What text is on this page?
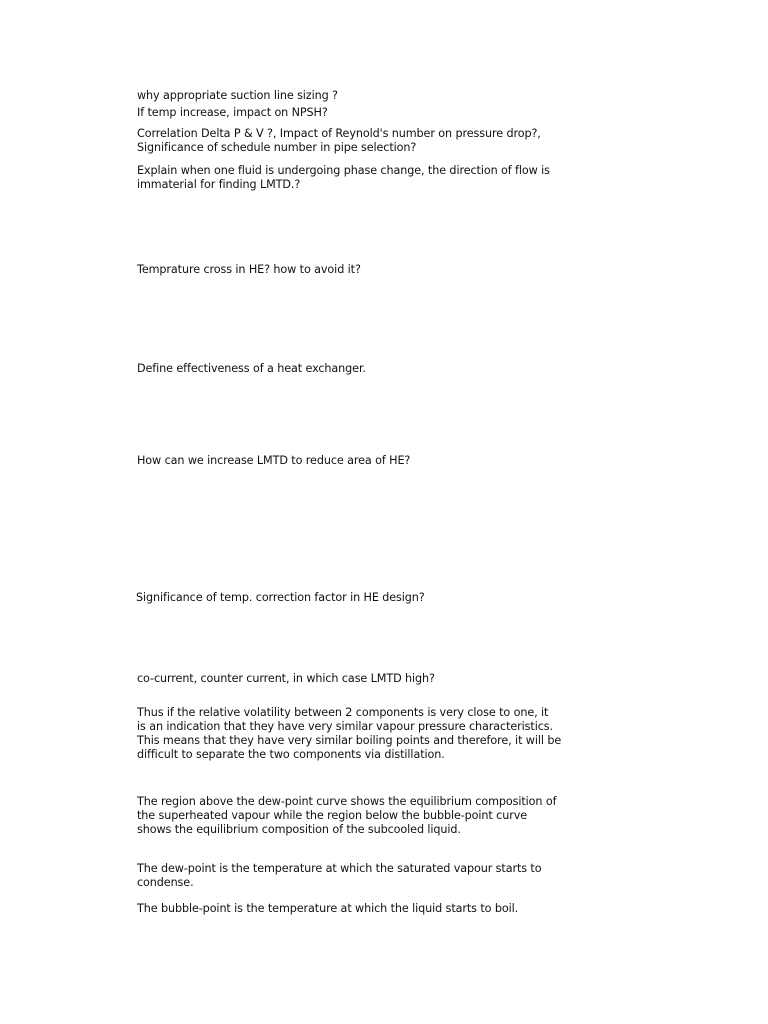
why appropriate suction line sizing ?

If temp increase, impact on NPSH?

Correlation Delta P & V ?, Impact of Reynold's number on pressure drop?,
Significance of schedule number in pipe selection?

Explain when one fluid is undergoing phase change, the direction of flow is
immaterial for finding LMTD.?

Temprature cross in HE? how to avoid it?

Define effectiveness of a heat exchanger.

How can we increase LMTD to reduce area of HE?

Significance of temp. correction factor in HE design?

co-current, counter current, in which case LMTD high?

Thus if the relative volatility between 2 components is very close to one, it
is an indication that they have very similar vapour pressure characteristics.
This means that they have very similar boiling points and therefore, it will be
difficult to separate the two components via distillation.

The region above the dew-point curve shows the equilibrium composition of
the superheated vapour while the region below the bubble-point curve
shows the equilibrium composition of the subcooled liquid.

The dew-point is the temperature at which the saturated vapour starts to
condense.

The bubble-point is the temperature at which the liquid starts to boil.
